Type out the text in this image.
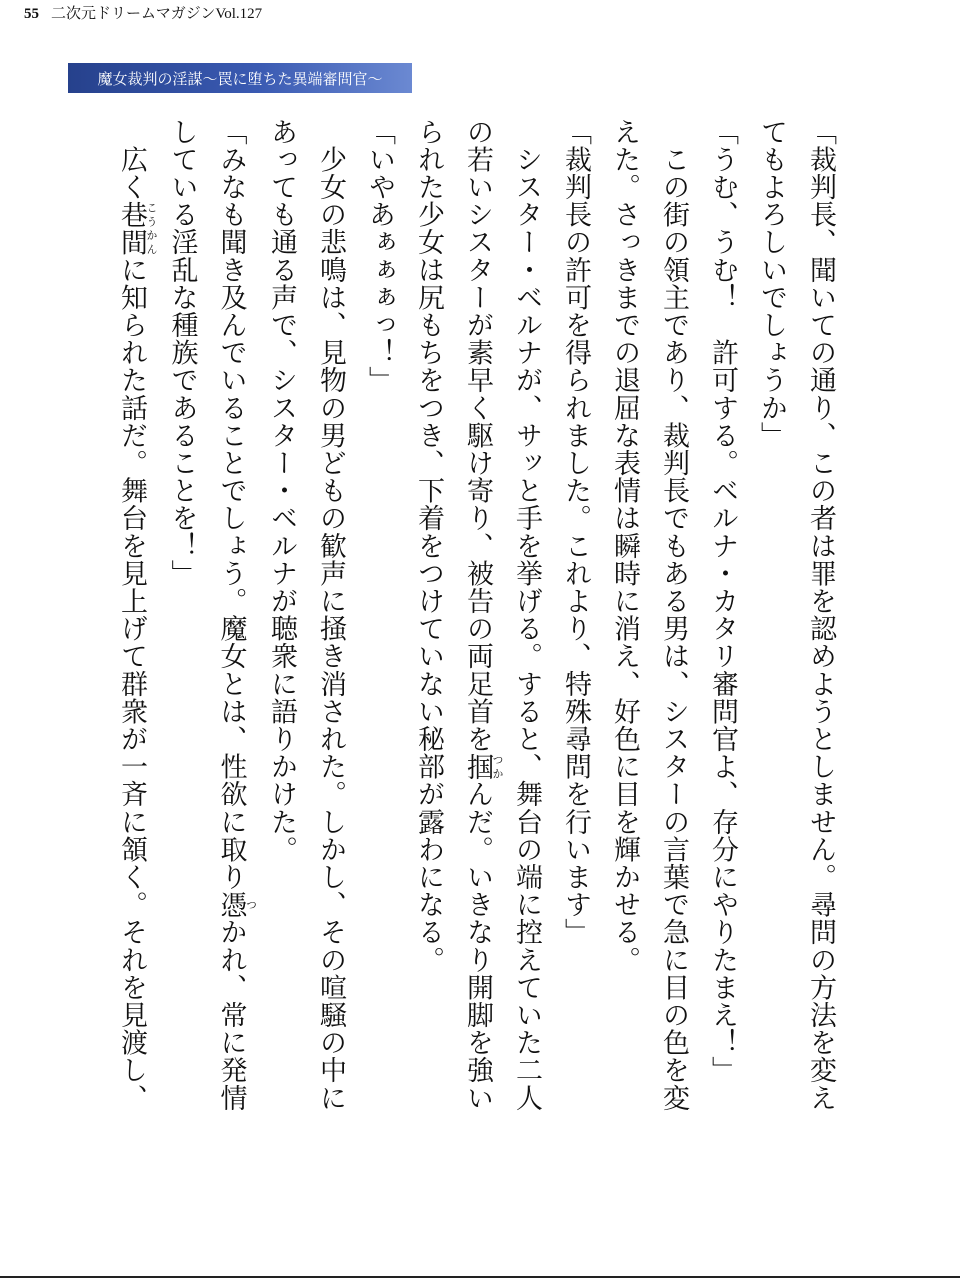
55 二次元ドリームマガジンVol.127
魔女裁判の淫謀〜罠に堕ちた異端審問官〜

「裁判長、聞いての通り、この者は罪を認めようとしません。尋問の方法を変えてもよろしいでしょうか」

「うむ、うむ！　許可する。ベルナ・カタリ審問官よ、存分にやりたまえ！」

　この街の領主であり、裁判長でもある男は、シスターの言葉で急に目の色を変えた。さっきまでの退屈な表情は瞬時に消え、好色に目を輝かせる。

「裁判長の許可を得られました。これより、特殊尋問を行います」

　シスター・ベルナが、サッと手を挙げる。すると、舞台の端に控えていた二人の若いシスターが素早く駆け寄り、被告の両足首を掴つかんだ。いきなり開脚を強いられた少女は尻もちをつき、下着をつけていない秘部が露わになる。

「いやあぁぁぁっ！」

　少女の悲鳴は、見物の男どもの歓声に掻き消された。しかし、その喧騒の中にあっても通る声で、シスター・ベルナが聴衆に語りかけた。

「みなも聞き及んでいることでしょう。魔女とは、性欲に取り憑つかれ、常に発情している淫乱な種族であることを！」

　広く巷間こうかんに知られた話だ。舞台を見上げて群衆が一斉に頷く。それを見渡し、
